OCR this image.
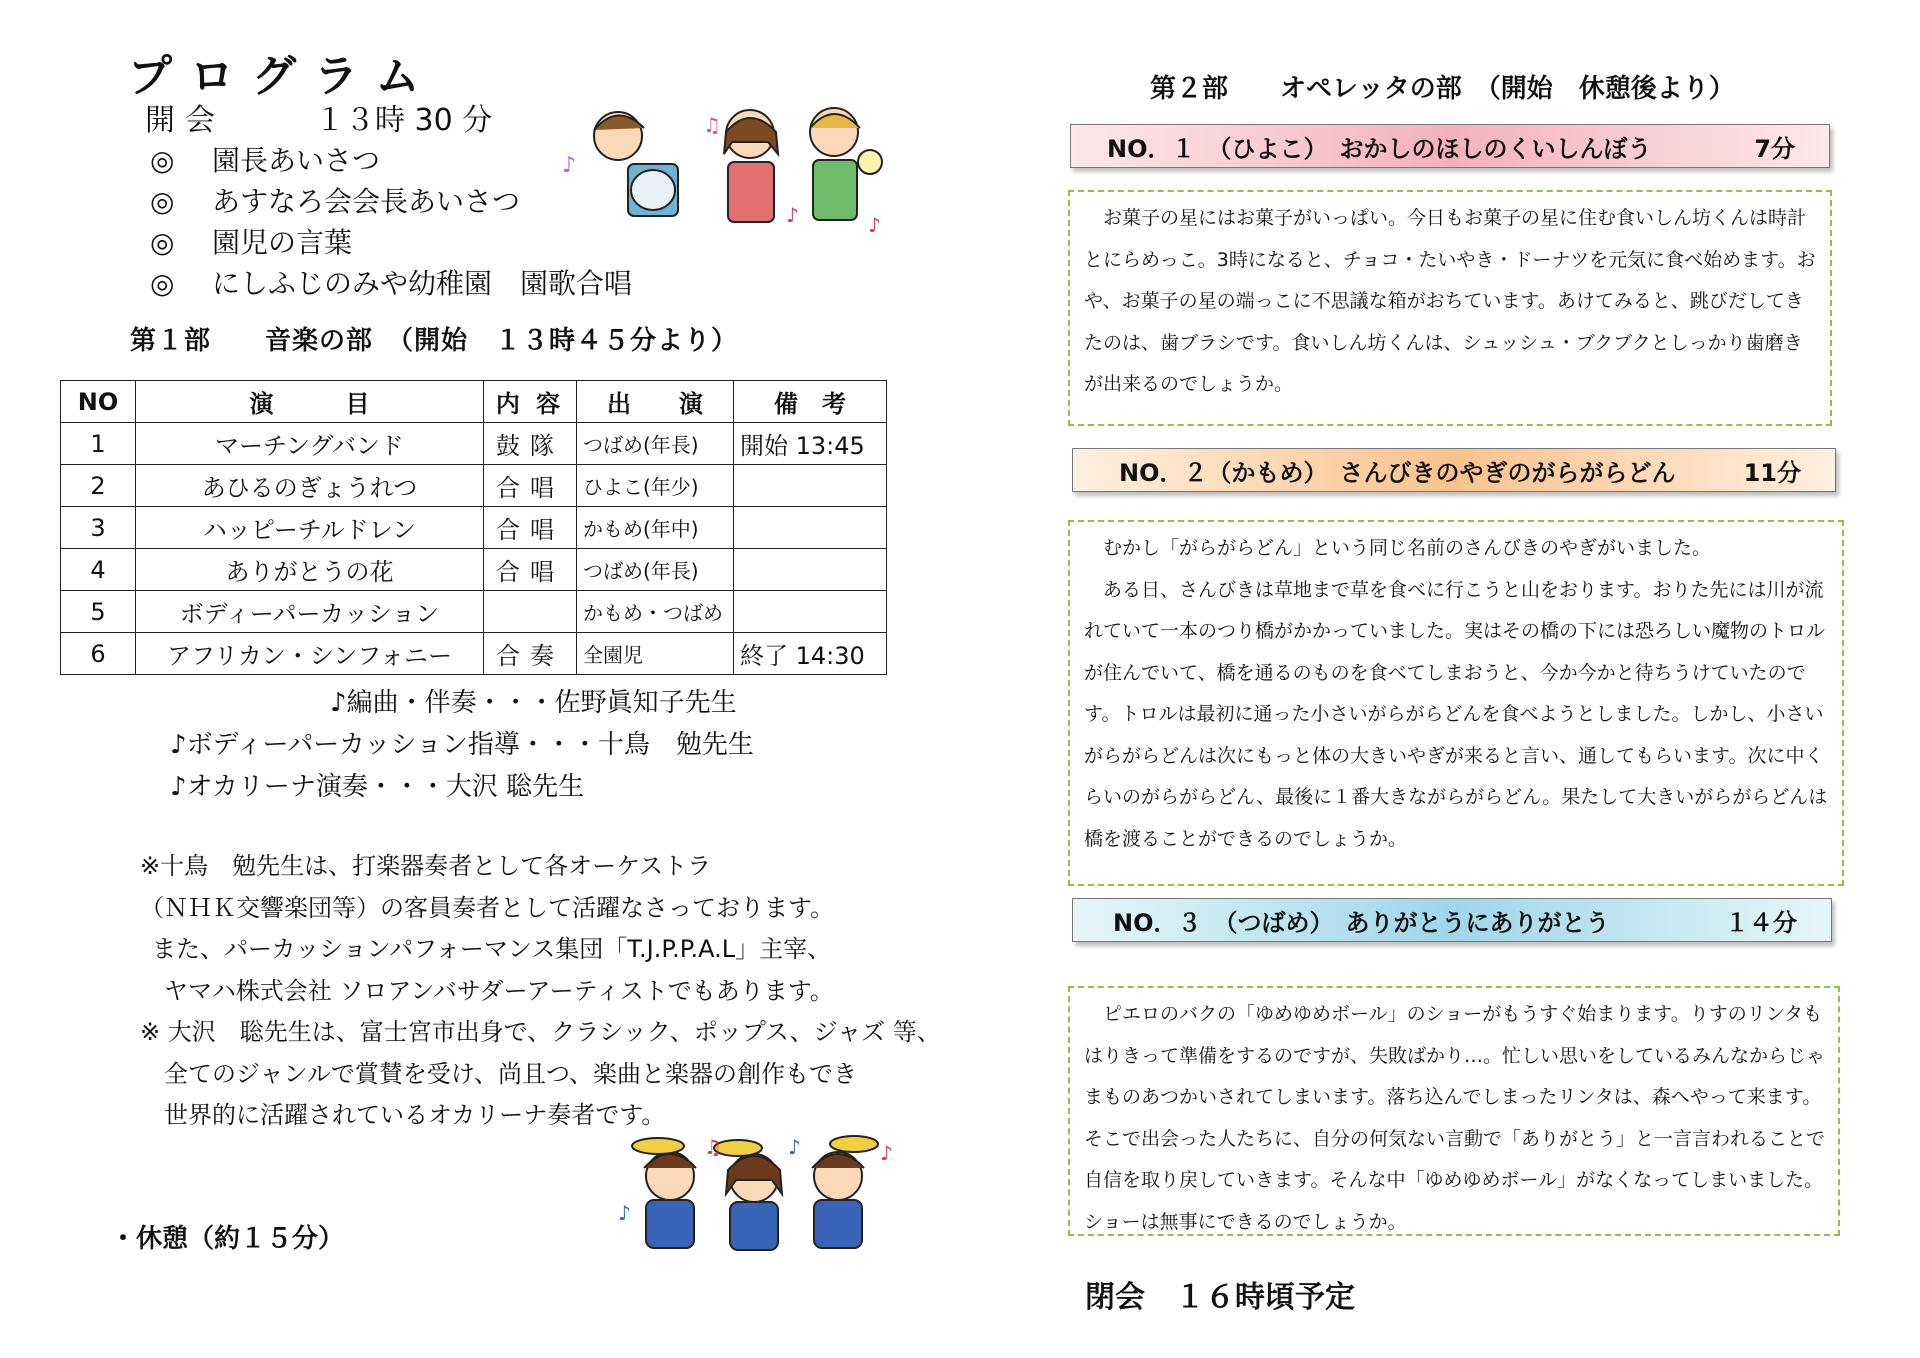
プログラム
開会	１３時 30 分
◎ 園長あいさつ
◎ あすなろ会会長あいさつ
◎ 園児の言葉
◎ にしふじのみや幼稚園　園歌合唱
♪
♫
♪	♪
第１部　　音楽の部　（開始　１３時４５分より）
NO	演　　　目	内 容	出　　演	備　考
1	マーチングバンド	鼓隊	つばめ(年長)	開始 13:45
2	あひるのぎょうれつ	合唱	ひよこ(年少)	
3	ハッピーチルドレン	合唱	かもめ(年中)	
4	ありがとうの花	合唱	つばめ(年長)	
5	ボディーパーカッション		かもめ・つばめ	
6	アフリカン・シンフォニー	合奏	全園児	終了 14:30
♪編曲・伴奏・・・佐野眞知子先生
♪ボディーパーカッション指導・・・十鳥　勉先生
♪オカリーナ演奏・・・大沢 聡先生
※十鳥　勉先生は、打楽器奏者として各オーケストラ
（ＮＨＫ交響楽団等）の客員奏者として活躍なさっております。
また、パーカッションパフォーマンス集団「T.J.P.P.A.L」主宰、
ヤマハ株式会社 ソロアンバサダーアーティストでもあります。
※ 大沢　聡先生は、富士宮市出身で、クラシック、ポップス、ジャズ 等、
全てのジャンルで賞賛を受け、尚且つ、楽曲と楽器の創作もでき
世界的に活躍されているオカリーナ奏者です。
♪
♫	♪	♪
・休憩（約１５分）
第２部　　オペレッタの部　（開始　休憩後より）
NO．１　（ひよこ）　おかしのほしのくいしんぼう	7分

お菓子の星にはお菓子がいっぱい。今日もお菓子の星に住む食いしん坊くんは時計とにらめっこ。3時になると、チョコ・たいやき・ドーナツを元気に食べ始めます。おや、お菓子の星の端っこに不思議な箱がおちています。あけてみると、跳びだしてきたのは、歯ブラシです。食いしん坊くんは、シュッシュ・ブクブクとしっかり歯磨きが出来るのでしょうか。

NO．２（かもめ）　さんびきのやぎのがらがらどん	11分

むかし「がらがらどん」という同じ名前のさんびきのやぎがいました。

ある日、さんびきは草地まで草を食べに行こうと山をおります。おりた先には川が流れていて一本のつり橋がかかっていました。実はその橋の下には恐ろしい魔物のトロルが住んでいて、橋を通るのものを食べてしまおうと、今か今かと待ちうけていたのです。トロルは最初に通った小さいがらがらどんを食べようとしました。しかし、小さいがらがらどんは次にもっと体の大きいやぎが来ると言い、通してもらいます。次に中くらいのがらがらどん、最後に１番大きながらがらどん。果たして大きいがらがらどんは橋を渡ることができるのでしょうか。

NO．３　（つばめ）　ありがとうにありがとう	１４分

ピエロのバクの「ゆめゆめボール」のショーがもうすぐ始まります。りすのリンタもはりきって準備をするのですが、失敗ばかり…。忙しい思いをしているみんなからじゃまものあつかいされてしまいます。落ち込んでしまったリンタは、森へやって来ます。そこで出会った人たちに、自分の何気ない言動で「ありがとう」と一言言われることで自信を取り戻していきます。そんな中「ゆめゆめボール」がなくなってしまいました。ショーは無事にできるのでしょうか。

閉会　１６時頃予定
